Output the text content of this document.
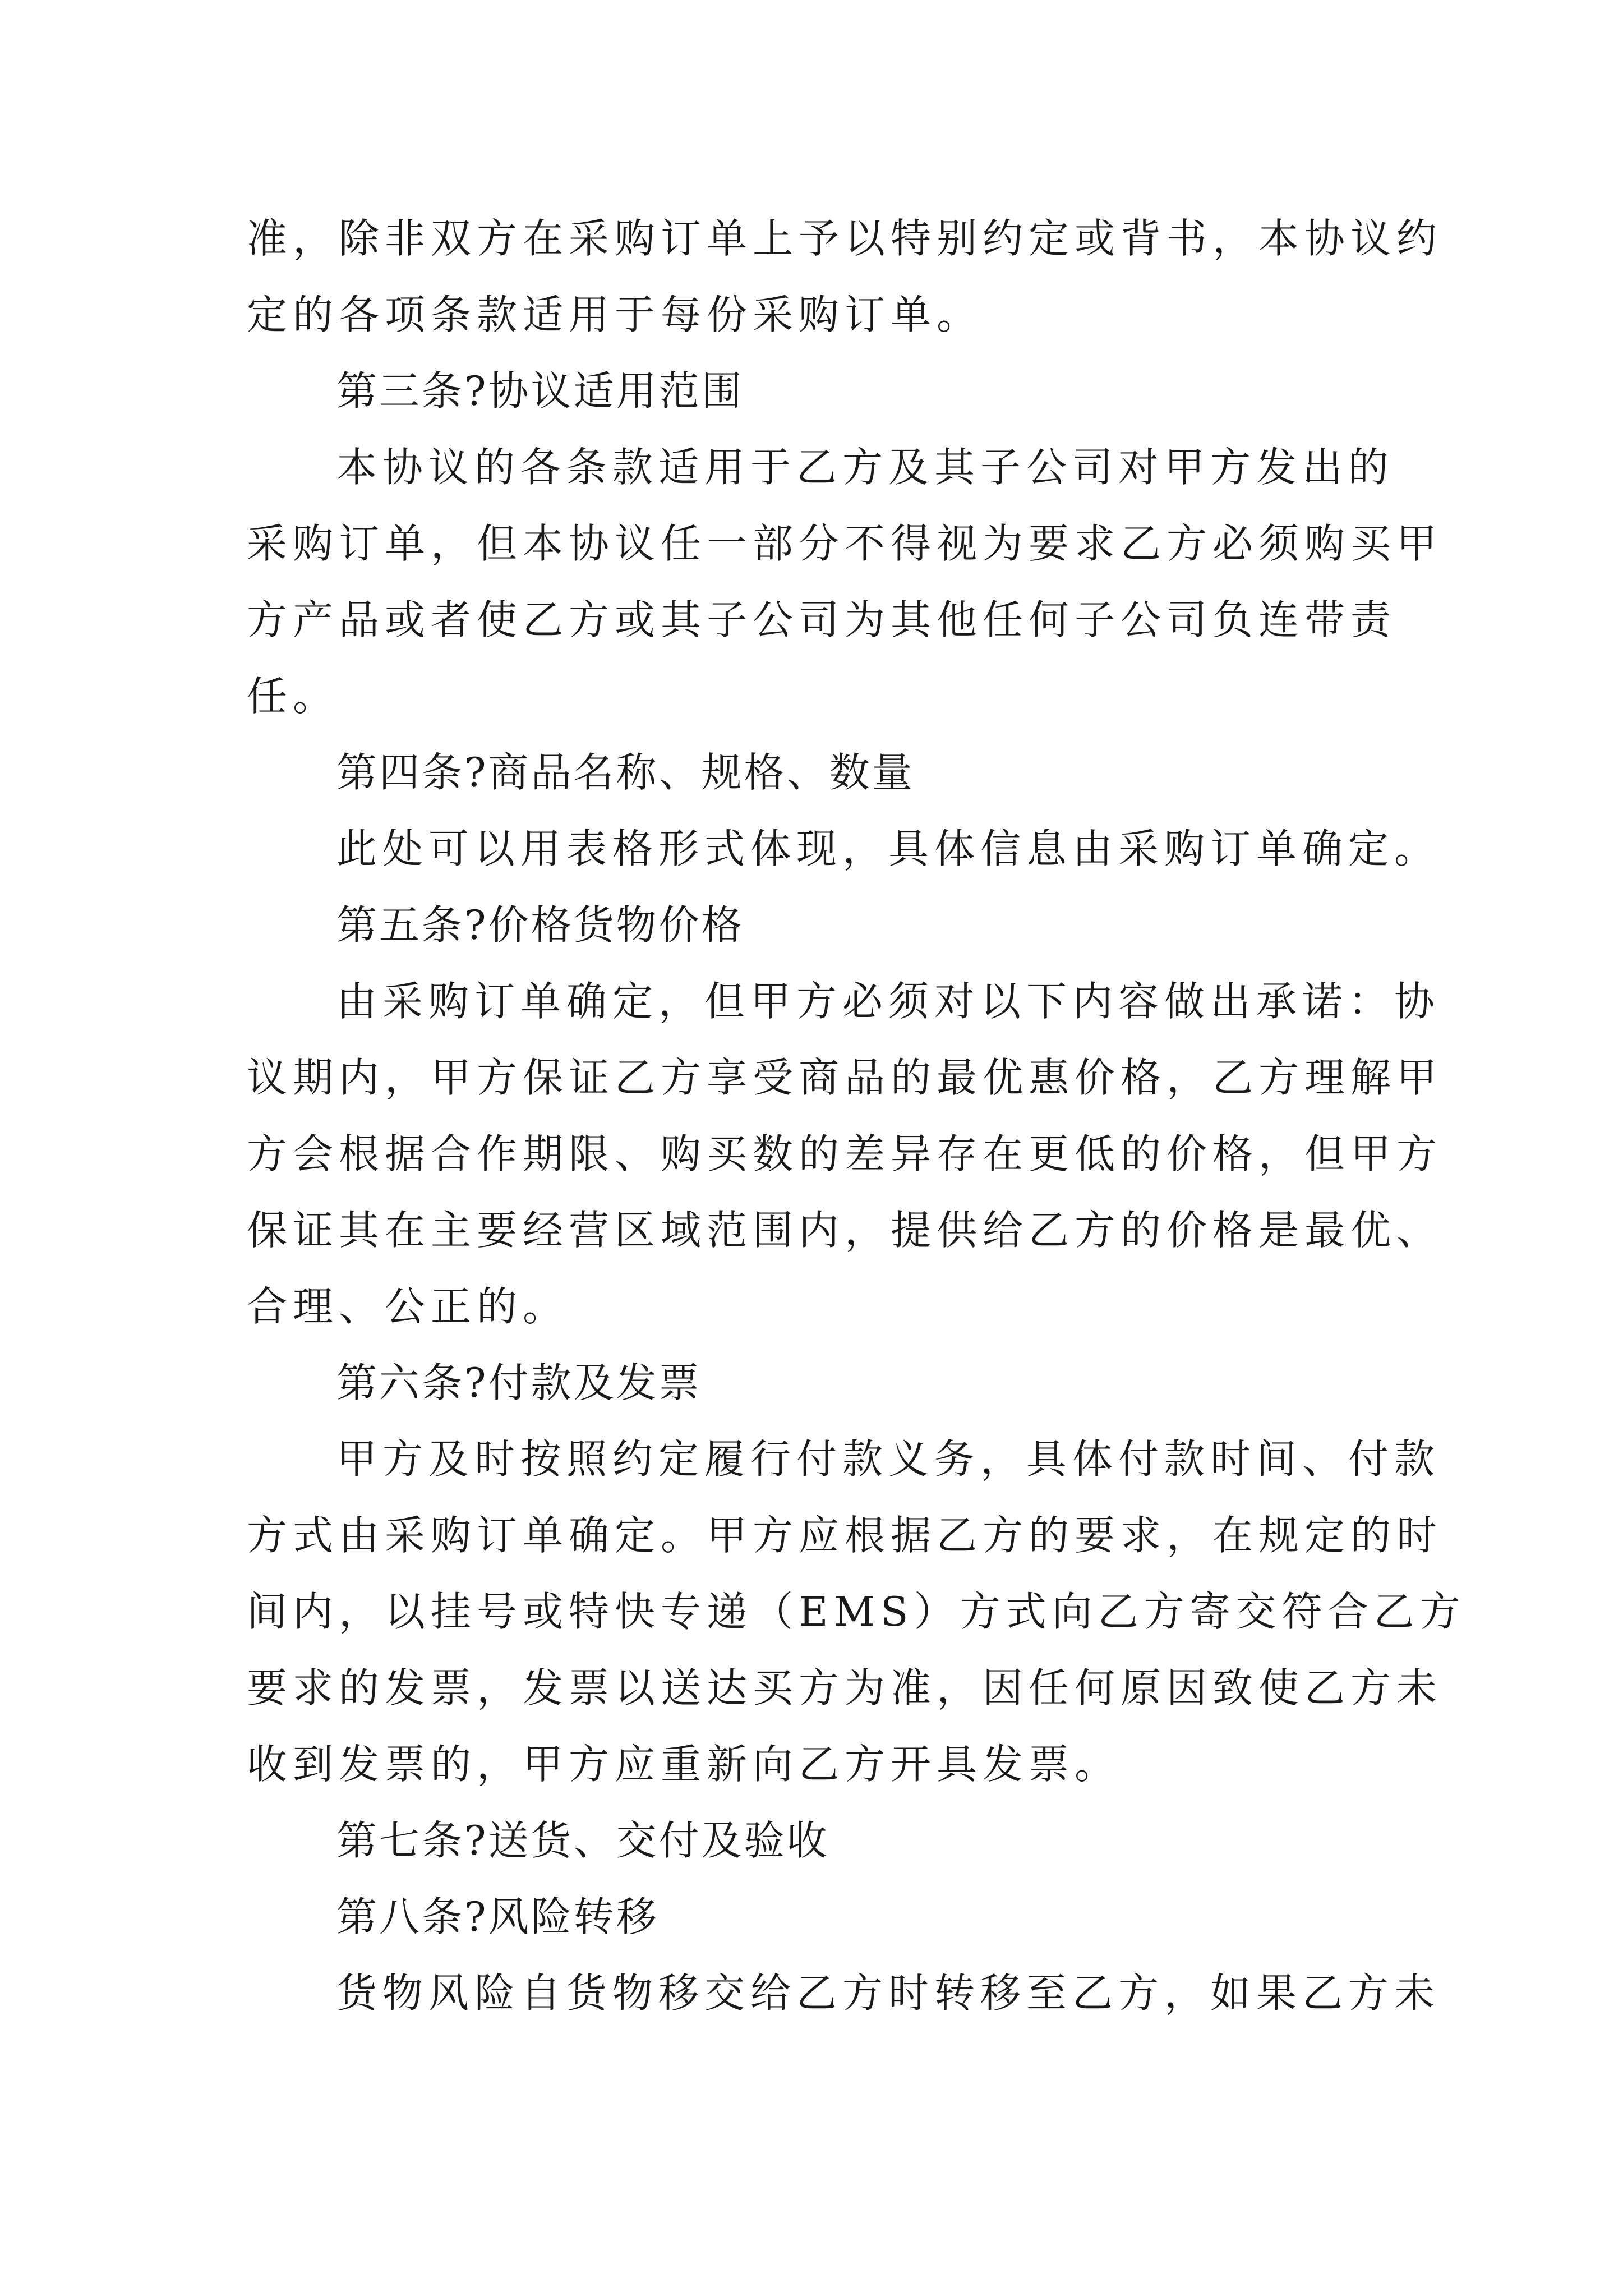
准，除非双方在采购订单上予以特别约定或背书，本协议约
定的各项条款适用于每份采购订单。
第三条?协议适用范围
本协议的各条款适用于乙方及其子公司对甲方发出的
采购订单，但本协议任一部分不得视为要求乙方必须购买甲
方产品或者使乙方或其子公司为其他任何子公司负连带责
任。
第四条?商品名称、规格、数量
此处可以用表格形式体现，具体信息由采购订单确定。
第五条?价格货物价格
由采购订单确定，但甲方必须对以下内容做出承诺：协
议期内，甲方保证乙方享受商品的最优惠价格，乙方理解甲
方会根据合作期限、购买数的差异存在更低的价格，但甲方
保证其在主要经营区域范围内，提供给乙方的价格是最优、
合理、公正的。
第六条?付款及发票
甲方及时按照约定履行付款义务，具体付款时间、付款
方式由采购订单确定。甲方应根据乙方的要求，在规定的时
间内，以挂号或特快专递（EMS）方式向乙方寄交符合乙方
要求的发票，发票以送达买方为准，因任何原因致使乙方未
收到发票的，甲方应重新向乙方开具发票。
第七条?送货、交付及验收
第八条?风险转移
货物风险自货物移交给乙方时转移至乙方，如果乙方未
